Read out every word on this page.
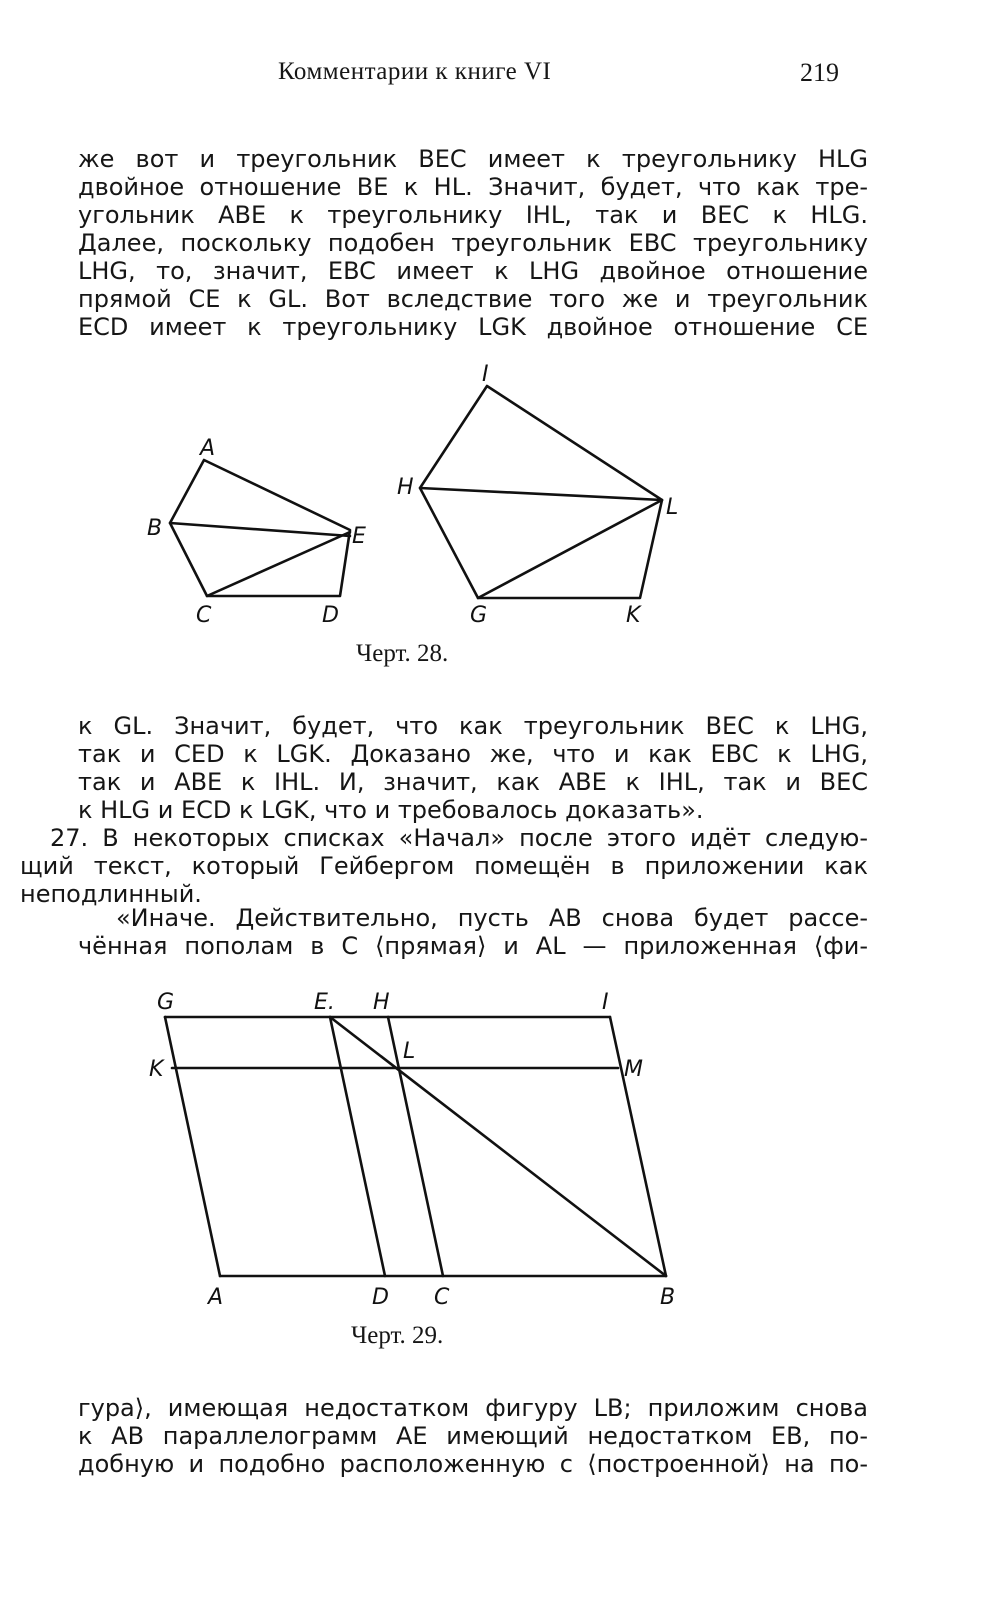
Комментарии к книге VI	219
же вот и треугольник BEC имеет к треугольнику HLG
двойное отношение BE к HL. Значит, будет, что как тре-
угольник ABE к треугольнику IHL, так и BEC к HLG.
Далее, поскольку подобен треугольник EBC треугольнику
LHG, то, значит, EBC имеет к LHG двойное отношение
прямой CE к GL. Вот вследствие того же и треугольник
ECD имеет к треугольнику LGK двойное отношение CE
A
B
C	D
E
I
H
L
G	K
G	E. H	I
K
L
M
A	D C	B
Черт. 28.
к GL. Значит, будет, что как треугольник BEC к LHG,
так и CED к LGK. Доказано же, что и как EBC к LHG,
так и ABE к IHL. И, значит, как ABE к IHL, так и BEC
к HLG и ECD к LGK, что и требовалось доказать».
27. В некоторых списках «Начал» после этого идёт следую-
щий текст, который Гейбергом помещён в приложении как
неподлинный.
«Иначе. Действительно, пусть AB снова будет рассе-
чённая пополам в C ⟨прямая⟩ и AL — приложенная ⟨фи-
Черт. 29.
гура⟩, имеющая недостатком фигуру LB; приложим снова
к AB параллелограмм AE имеющий недостатком EB, по-
добную и подобно расположенную с ⟨построенной⟩ на по-
